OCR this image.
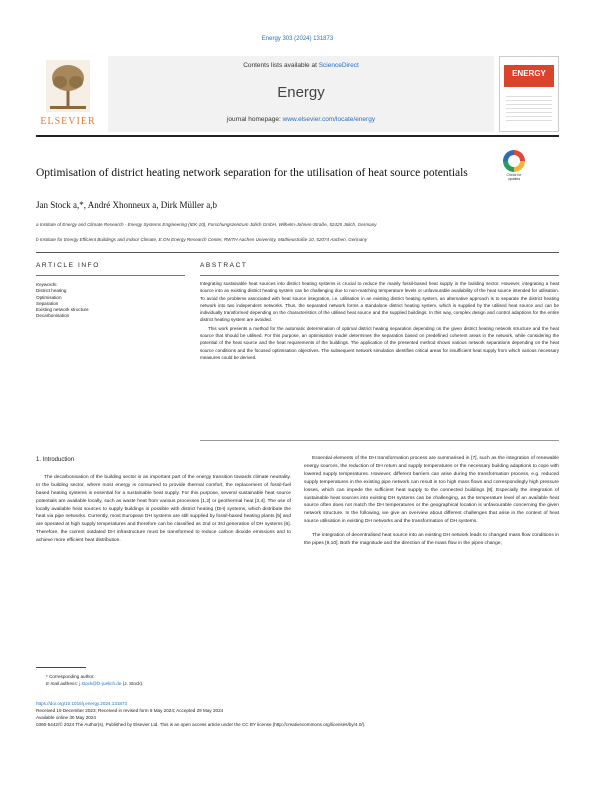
Energy 303 (2024) 131873
ELSEVIER
Contents lists available at ScienceDirect
Energy
journal homepage: www.elsevier.com/locate/energy
ENERGY
Optimisation of district heating network separation for the utilisation of heat source potentials	Check for updates
Jan Stock a,*, André Xhonneux a, Dirk Müller a,b
a Institute of Energy and Climate Research - Energy Systems Engineering (IEK-10), Forschungszentrum Jülich GmbH, Wilhelm-Johnen-Straße, 52425 Jülich, Germany
b Institute for Energy Efficient Buildings and Indoor Climate, E.ON Energy Research Center, RWTH Aachen University, Mathieustraße 10, 52074 Aachen, Germany
ARTICLE INFO	ABSTRACT
Keywords:
District heating
Optimisation
Separation
Existing network structure
Decarbonisation

Integrating sustainable heat sources into district heating systems is crucial to reduce the mainly fossil-based heat supply in the building sector. However, integrating a heat source into an existing district heating system can be challenging due to non-matching temperature levels or unfavourable availability of the heat source intended for utilisation. To avoid the problems associated with heat source integration, i.e. utilisation in an existing district heating system, an alternative approach is to separate the district heating network into two independent networks. Thus, the separated network forms a standalone district heating system, which is supplied by the utilised heat source and can be individually transformed depending on the characteristics of the utilised heat source and the supplied buildings. In this way, complex design and control adaptions for the entire district heating system are avoided.

This work presents a method for the automatic determination of optimal district heating separation depending on the given district heating network structure and the heat source that should be utilised. For this purpose, an optimisation model determines the separation based on predefined coherent areas in the network, while considering the potential of the heat source and the heat requirements of the buildings. The application of the presented method shows various network separations depending on the heat source conditions and the focused optimisation objectives. The subsequent network simulation identifies critical areas for insufficient heat supply from which various necessary measures could be derived.

1. Introduction

The decarbonisation of the building sector is an important part of the energy transition towards climate neutrality. In the building sector, where most energy is consumed to provide thermal comfort, the replacement of fossil-fuel based heating systems is essential for a sustainable heat supply. For this purpose, several sustainable heat source potentials are available locally, such as waste heat from various processes [1,2] or geothermal heat [3,4]. The use of locally available heat sources to supply buildings is possible with district heating (DH) systems, which distribute the heat via pipe networks. Currently, most European DH systems are still supplied by fossil-based heating plants [5] and are operated at high supply temperatures and therefore can be classified as 2nd or 3rd generation of DH systems [6]. Therefore, the current outdated DH infrastructure must be transformed to reduce carbon dioxide emissions and to achieve more efficient heat distribution.

Essential elements of the DH transformation process are summarised in [7], such as the integration of renewable energy sources, the reduction of DH return and supply temperatures or the necessary building adaptions to cope with lowered supply temperatures. However, different barriers can arise during the transformation process, e.g. reduced supply temperatures in the existing pipe network can result in too high mass flows and correspondingly high pressure losses, which can impede the sufficient heat supply to the connected buildings [8]. Especially the integration of sustainable heat sources into existing DH systems can be challenging, as the temperature level of an available heat source often does not match the DH temperatures or the geographical location is unfavourable concerning the given network structure. In the following, we give an overview about different challenges that arise in the context of heat source utilisation in existing DH networks and the transformation of DH systems.

The integration of decentralised heat source into an existing DH network leads to changed mass flow conditions in the pipes [9,10]. Both the magnitude and the direction of the mass flow in the pipes change,

* Corresponding author.
E-mail address: j.stock@fz-juelich.de (J. Stock).
https://doi.org/10.1016/j.energy.2024.131873
Received 19 December 2023; Received in revised form 6 May 2024; Accepted 29 May 2024
Available online 30 May 2024
0360-5442/© 2024 The Author(s). Published by Elsevier Ltd. This is an open access article under the CC BY license (http://creativecommons.org/licenses/by/4.0/).
